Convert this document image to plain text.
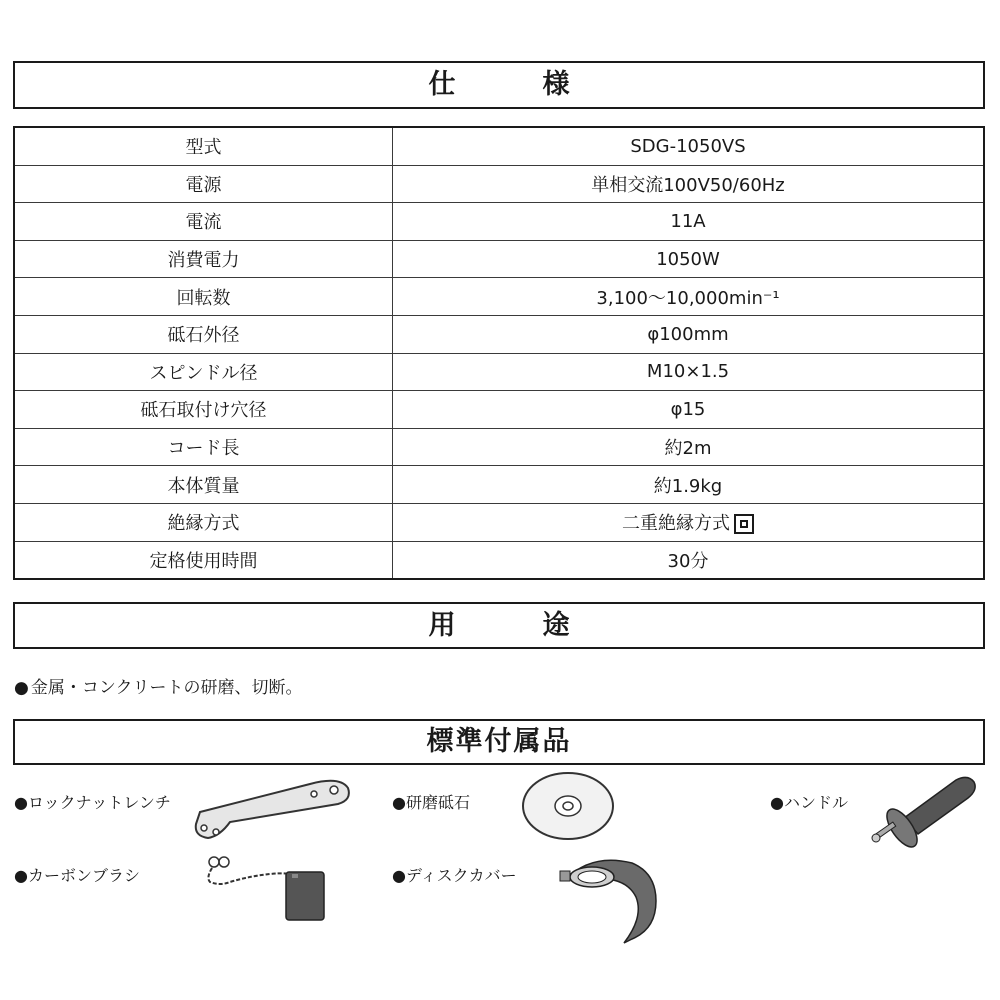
仕　様
型式	SDG-1050VS
電源	単相交流100V50/60Hz
電流	11A
消費電力	1050W
回転数	3,100〜10,000min⁻¹
砥石外径	φ100mm
スピンドル径	M10×1.5
砥石取付け穴径	φ15
コード長	約2m
本体質量	約1.9kg
絶縁方式	二重絶縁方式
定格使用時間	30分
用　途
● 金属・コンクリートの研磨、切断。
標準付属品
●ロックナットレンチ	●研磨砥石	●ハンドル
●カーボンブラシ	●ディスクカバー
